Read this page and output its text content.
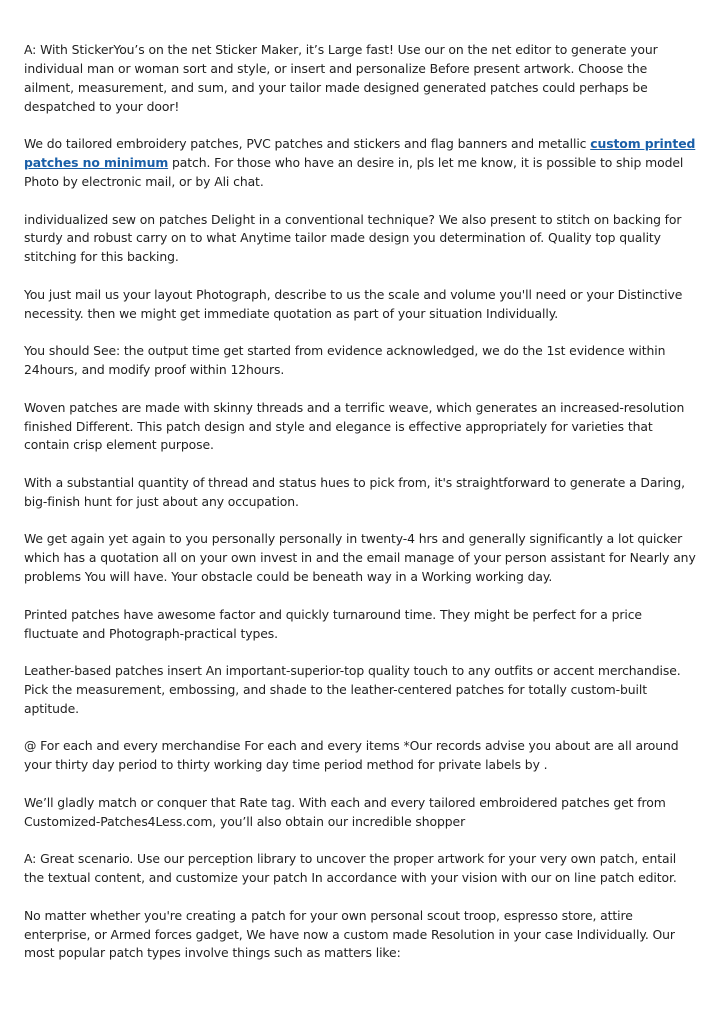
A: With StickerYou’s on the net Sticker Maker, it’s Large fast! Use our on the net editor to generate your individual man or woman sort and style, or insert and personalize Before present artwork. Choose the ailment, measurement, and sum, and your tailor made designed generated patches could perhaps be despatched to your door!

We do tailored embroidery patches, PVC patches and stickers and flag banners and metallic custom printed patches no minimum patch. For those who have an desire in, pls let me know, it is possible to ship model Photo by electronic mail, or by Ali chat.

individualized sew on patches Delight in a conventional technique? We also present to stitch on backing for sturdy and robust carry on to what Anytime tailor made design you determination of. Quality top quality stitching for this backing.

You just mail us your layout Photograph, describe to us the scale and volume you'll need or your Distinctive necessity. then we might get immediate quotation as part of your situation Individually.

You should See: the output time get started from evidence acknowledged, we do the 1st evidence within 24hours, and modify proof within 12hours.

Woven patches are made with skinny threads and a terrific weave, which generates an increased-resolution finished Different. This patch design and style and elegance is effective appropriately for varieties that contain crisp element purpose.

With a substantial quantity of thread and status hues to pick from, it's straightforward to generate a Daring, big-finish hunt for just about any occupation.

We get again yet again to you personally personally in twenty-4 hrs and generally significantly a lot quicker which has a quotation all on your own invest in and the email manage of your person assistant for Nearly any problems You will have. Your obstacle could be beneath way in a Working working day.

Printed patches have awesome factor and quickly turnaround time. They might be perfect for a price fluctuate and Photograph-practical types.

Leather-based patches insert An important-superior-top quality touch to any outfits or accent merchandise. Pick the measurement, embossing, and shade to the leather-centered patches for totally custom-built aptitude.

@ For each and every merchandise For each and every items *Our records advise you about are all around your thirty day period to thirty working day time period method for private labels by .

We’ll gladly match or conquer that Rate tag. With each and every tailored embroidered patches get from Customized-Patches4Less.com, you’ll also obtain our incredible shopper

A: Great scenario. Use our perception library to uncover the proper artwork for your very own patch, entail the textual content, and customize your patch In accordance with your vision with our on line patch editor.

No matter whether you're creating a patch for your own personal scout troop, espresso store, attire enterprise, or Armed forces gadget, We have now a custom made Resolution in your case Individually. Our most popular patch types involve things such as matters like:
